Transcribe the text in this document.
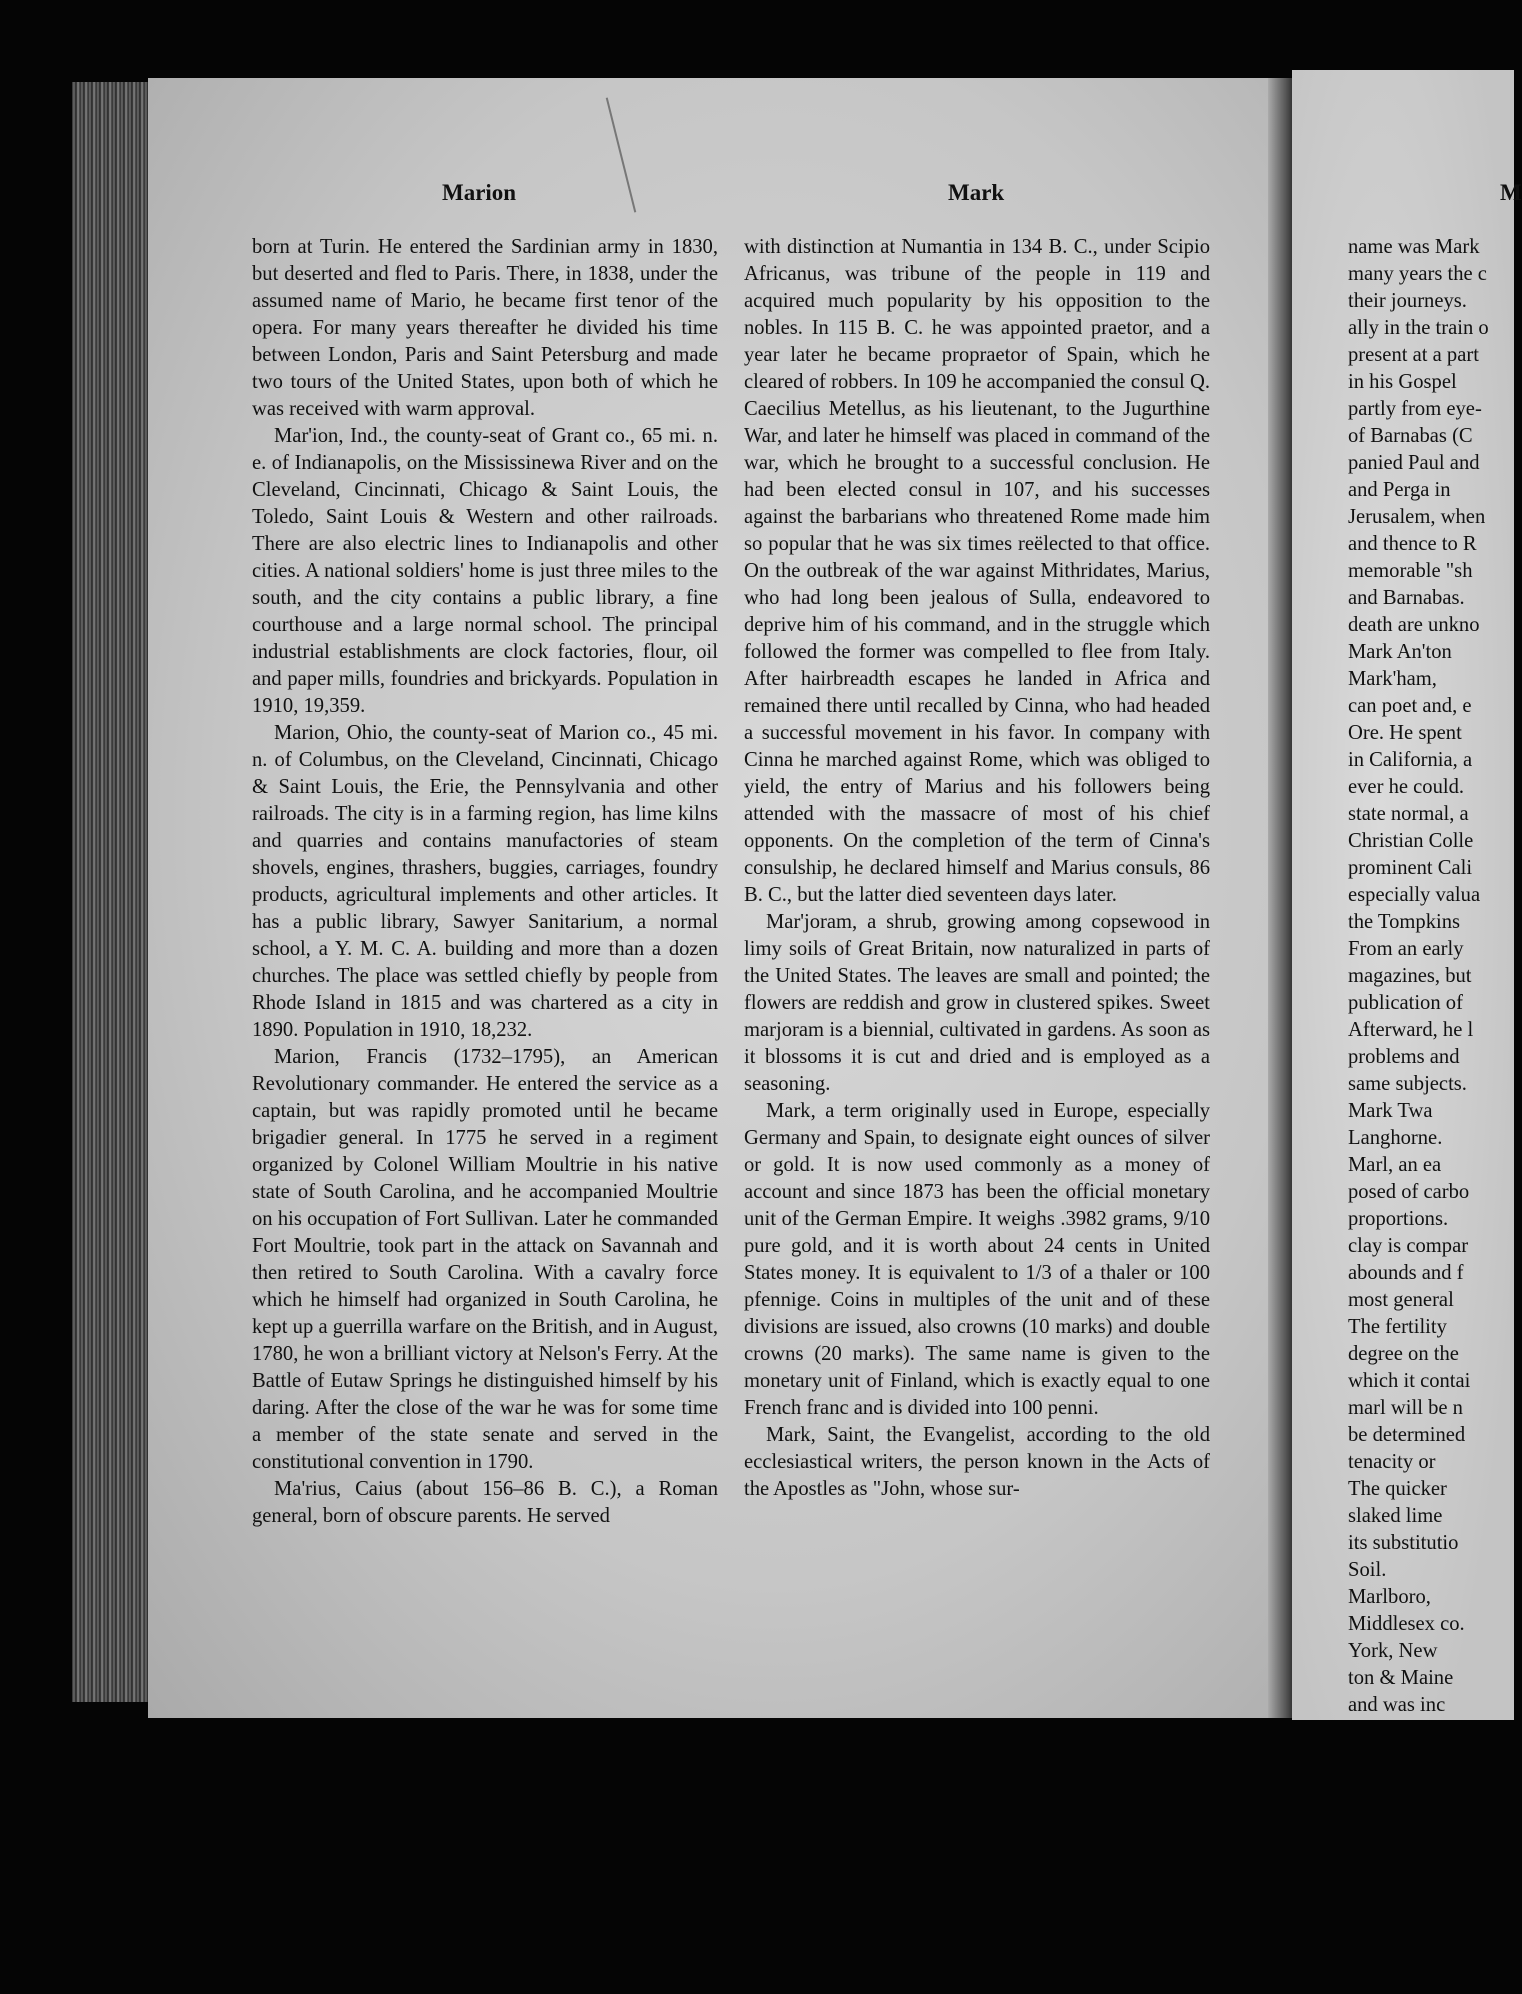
Marion	Mark	M

born at Turin. He entered the Sardinian army in 1830, but deserted and fled to Paris. There, in 1838, under the assumed name of Mario, he became first tenor of the opera. For many years thereafter he divided his time between London, Paris and Saint Petersburg and made two tours of the United States, upon both of which he was received with warm approval.

Mar'ion, Ind., the county-seat of Grant co., 65 mi. n. e. of Indianapolis, on the Mississinewa River and on the Cleveland, Cincinnati, Chicago & Saint Louis, the Toledo, Saint Louis & Western and other railroads. There are also electric lines to Indianapolis and other cities. A national soldiers' home is just three miles to the south, and the city contains a public library, a fine courthouse and a large normal school. The principal industrial establishments are clock factories, flour, oil and paper mills, foundries and brickyards. Population in 1910, 19,359.

Marion, Ohio, the county-seat of Marion co., 45 mi. n. of Columbus, on the Cleveland, Cincinnati, Chicago & Saint Louis, the Erie, the Pennsylvania and other railroads. The city is in a farming region, has lime kilns and quarries and contains manufactories of steam shovels, engines, thrashers, buggies, carriages, foundry products, agricultural implements and other articles. It has a public library, Sawyer Sanitarium, a normal school, a Y. M. C. A. building and more than a dozen churches. The place was settled chiefly by people from Rhode Island in 1815 and was chartered as a city in 1890. Population in 1910, 18,232.

Marion, Francis (1732–1795), an American Revolutionary commander. He entered the service as a captain, but was rapidly promoted until he became brigadier general. In 1775 he served in a regiment organized by Colonel William Moultrie in his native state of South Carolina, and he accompanied Moultrie on his occupation of Fort Sullivan. Later he commanded Fort Moultrie, took part in the attack on Savannah and then retired to South Carolina. With a cavalry force which he himself had organized in South Carolina, he kept up a guerrilla warfare on the British, and in August, 1780, he won a brilliant victory at Nelson's Ferry. At the Battle of Eutaw Springs he distinguished himself by his daring. After the close of the war he was for some time a member of the state senate and served in the constitutional convention in 1790.

Ma'rius, Caius (about 156–86 B. C.), a Roman general, born of obscure parents. He served

with distinction at Numantia in 134 B. C., under Scipio Africanus, was tribune of the people in 119 and acquired much popularity by his opposition to the nobles. In 115 B. C. he was appointed praetor, and a year later he became propraetor of Spain, which he cleared of robbers. In 109 he accompanied the consul Q. Caecilius Metellus, as his lieutenant, to the Jugurthine War, and later he himself was placed in command of the war, which he brought to a successful conclusion. He had been elected consul in 107, and his successes against the barbarians who threatened Rome made him so popular that he was six times reëlected to that office. On the outbreak of the war against Mithridates, Marius, who had long been jealous of Sulla, endeavored to deprive him of his command, and in the struggle which followed the former was compelled to flee from Italy. After hairbreadth escapes he landed in Africa and remained there until recalled by Cinna, who had headed a successful movement in his favor. In company with Cinna he marched against Rome, which was obliged to yield, the entry of Marius and his followers being attended with the massacre of most of his chief opponents. On the completion of the term of Cinna's consulship, he declared himself and Marius consuls, 86 B. C., but the latter died seventeen days later.

Mar'joram, a shrub, growing among copsewood in limy soils of Great Britain, now naturalized in parts of the United States. The leaves are small and pointed; the flowers are reddish and grow in clustered spikes. Sweet marjoram is a biennial, cultivated in gardens. As soon as it blossoms it is cut and dried and is employed as a seasoning.

Mark, a term originally used in Europe, especially Germany and Spain, to designate eight ounces of silver or gold. It is now used commonly as a money of account and since 1873 has been the official monetary unit of the German Empire. It weighs .3982 grams, 9/10 pure gold, and it is worth about 24 cents in United States money. It is equivalent to 1/3 of a thaler or 100 pfennige. Coins in multiples of the unit and of these divisions are issued, also crowns (10 marks) and double crowns (20 marks). The same name is given to the monetary unit of Finland, which is exactly equal to one French franc and is divided into 100 penni.

Mark, Saint, the Evangelist, according to the old ecclesiastical writers, the person known in the Acts of the Apostles as "John, whose sur-

name was Mark
many years the c
their journeys.
ally in the train o
present at a part
in his Gospel
partly from eye-
of Barnabas (C
panied Paul and
and Perga in
Jerusalem, when
and thence to R
memorable "sh
and Barnabas.
death are unkno
Mark An'ton
Mark'ham,
can poet and, e
Ore. He spent
in California, a
ever he could.
state normal, a
Christian Colle
prominent Cali
especially valua
the Tompkins
From an early
magazines, but
publication of
Afterward, he l
problems and
same subjects.
Mark Twa
Langhorne.
Marl, an ea
posed of carbo
proportions.
clay is compar
abounds and f
most general
The fertility
degree on the
which it contai
marl will be n
be determined
tenacity or
The quicker
slaked lime
its substitutio
Soil.
Marlboro,
Middlesex co.
York, New
ton & Maine
and was inc
